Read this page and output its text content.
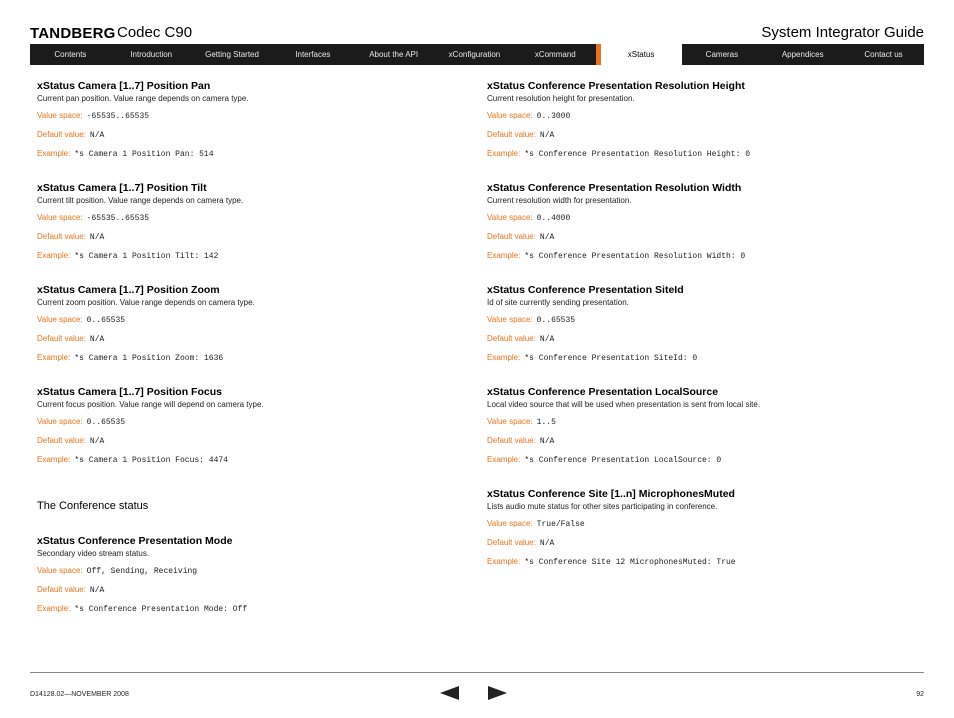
TANDBERG Codec C90	System Integrator Guide
Contents	Introduction	Getting Started	Interfaces	About the API	xConfiguration	xCommand	xStatus	Cameras	Appendices	Contact us
xStatus Camera [1..7] Position Pan
Current pan position. Value range depends on camera type.
Value space: -65535..65535
Default value: N/A
Example: *s Camera 1 Position Pan: 514
xStatus Camera [1..7] Position Tilt
Current tilt position. Value range depends on camera type.
Value space: -65535..65535
Default value: N/A
Example: *s Camera 1 Position Tilt: 142
xStatus Camera [1..7] Position Zoom
Current zoom position. Value range depends on camera type.
Value space: 0..65535
Default value: N/A
Example: *s Camera 1 Position Zoom: 1636
xStatus Camera [1..7] Position Focus
Current focus position. Value range will depend on camera type.
Value space: 0..65535
Default value: N/A
Example: *s Camera 1 Position Focus: 4474
The Conference status
xStatus Conference Presentation Mode
Secondary video stream status.
Value space: Off, Sending, Receiving
Default value: N/A
Example: *s Conference Presentation Mode: Off
xStatus Conference Presentation Resolution Height
Current resolution height for presentation.
Value space: 0..3000
Default value: N/A
Example: *s Conference Presentation Resolution Height: 0
xStatus Conference Presentation Resolution Width
Current resolution width for presentation.
Value space: 0..4000
Default value: N/A
Example: *s Conference Presentation Resolution Width: 0
xStatus Conference Presentation SiteId
Id of site currently sending presentation.
Value space: 0..65535
Default value: N/A
Example: *s Conference Presentation SiteId: 0
xStatus Conference Presentation LocalSource
Local video source that will be used when presentation is sent from local site.
Value space: 1..5
Default value: N/A
Example: *s Conference Presentation LocalSource: 0
xStatus Conference Site [1..n] MicrophonesMuted
Lists audio mute status for other sites participating in conference.
Value space: True/False
Default value: N/A
Example: *s Conference Site 12 MicrophonesMuted: True
D14128.02—NOVEMBER 2008	92
